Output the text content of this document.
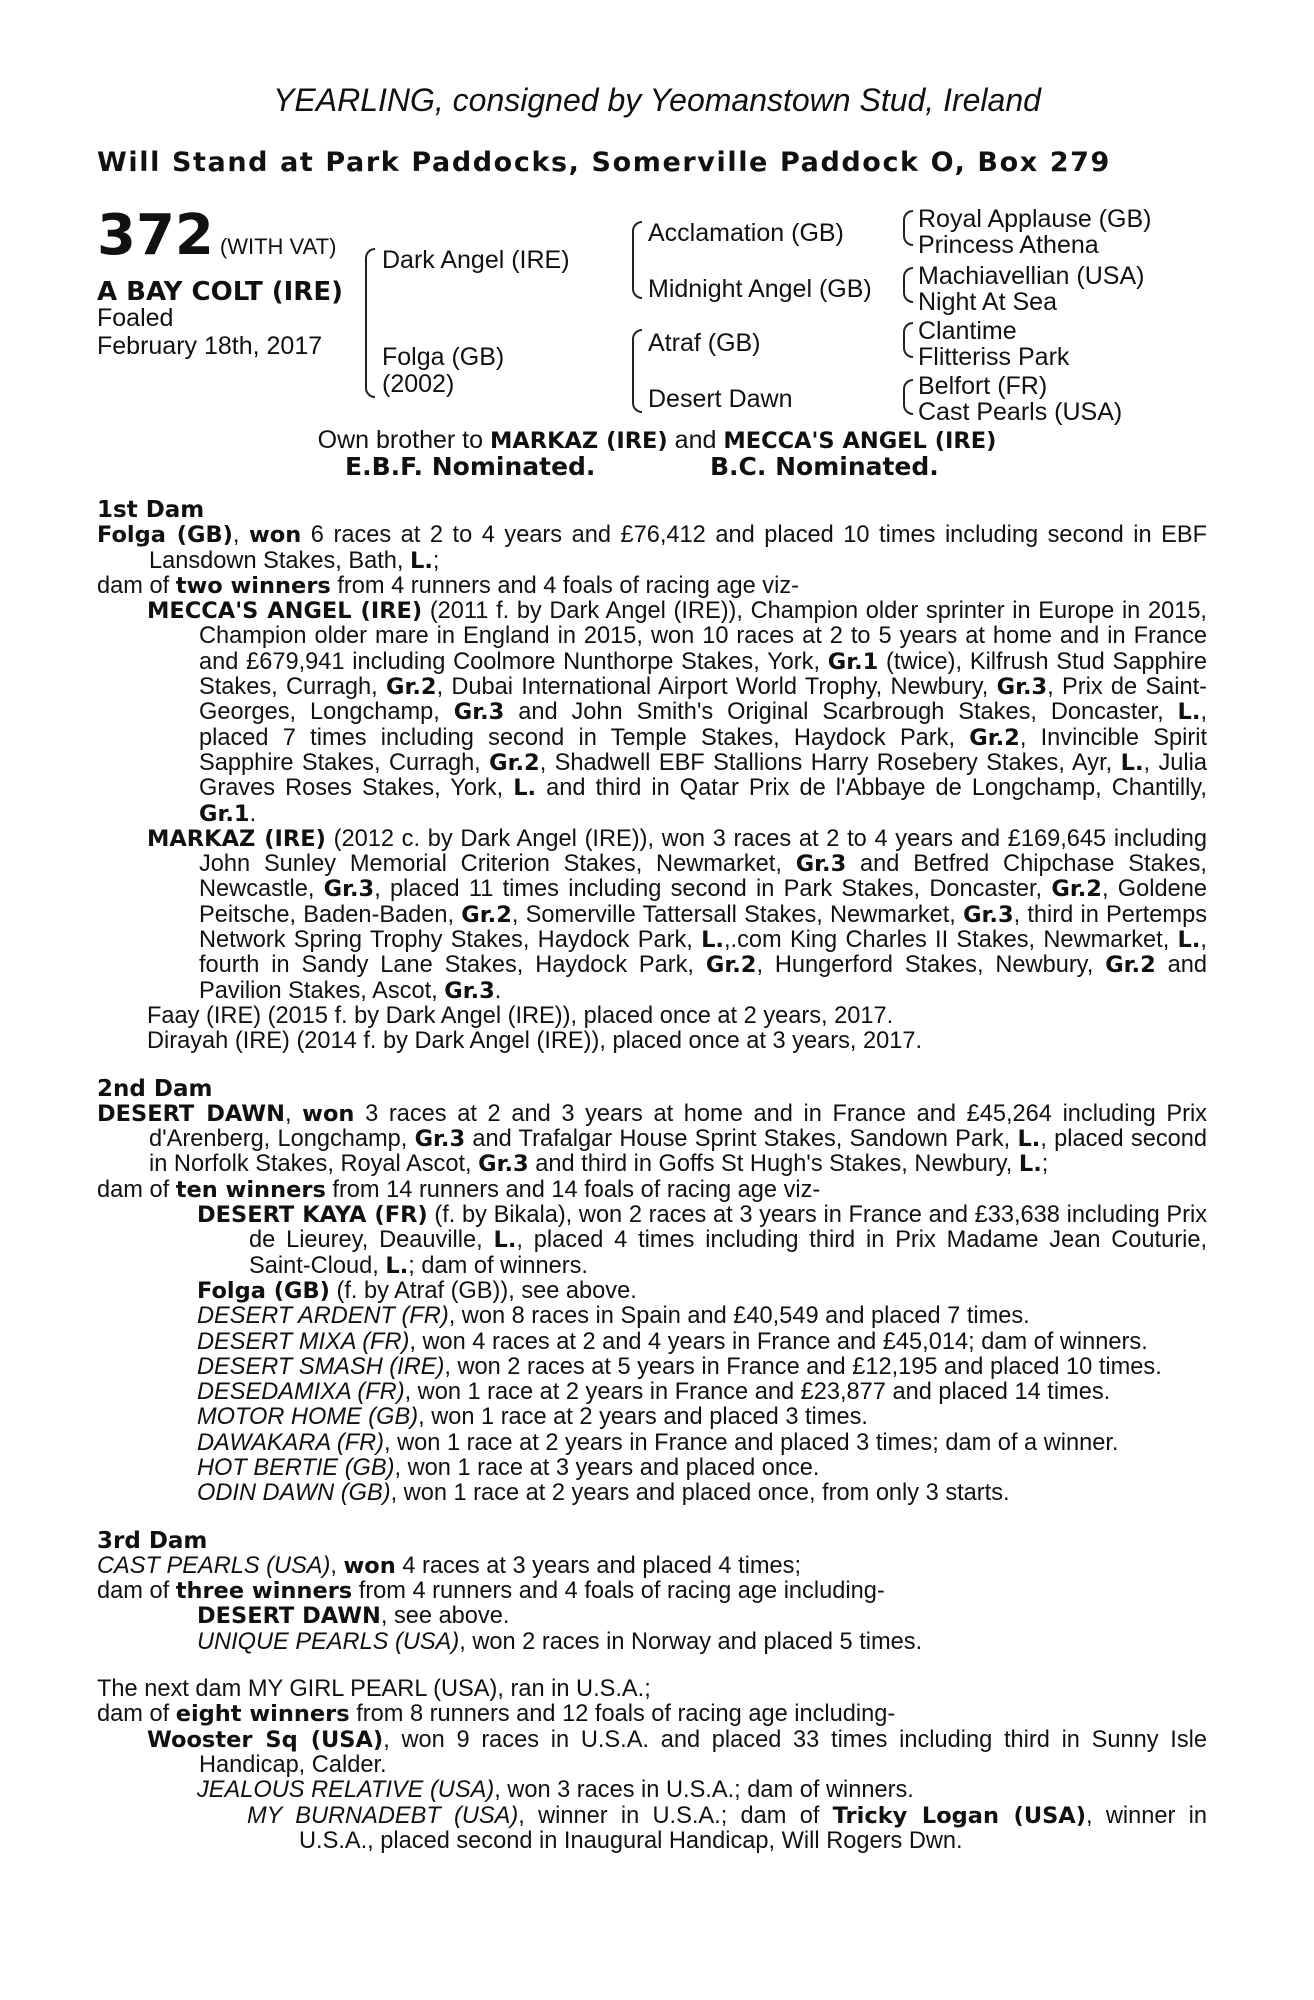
YEARLING, consigned by Yeomanstown Stud, Ireland
Will Stand at Park Paddocks, Somerville Paddock O, Box 279
372 (WITH VAT)
A BAY COLT (IRE)
Foaled
February 18th, 2017
Dark Angel (IRE)
Folga (GB)
(2002)
Acclamation (GB)
Midnight Angel (GB)
Atraf (GB)
Desert Dawn
Royal Applause (GB)
Princess Athena
Machiavellian (USA)
Night At Sea
Clantime
Flitteriss Park
Belfort (FR)
Cast Pearls (USA)
Own brother to MARKAZ (IRE) and MECCA'S ANGEL (IRE)
E.B.F. Nominated.	B.C. Nominated.
1st Dam
Folga (GB), won 6 races at 2 to 4 years and £76,412 and placed 10 times including second in EBF Lansdown Stakes, Bath, L.;
dam of two winners from 4 runners and 4 foals of racing age viz-
MECCA'S ANGEL (IRE) (2011 f. by Dark Angel (IRE)), Champion older sprinter in Europe in 2015, Champion older mare in England in 2015, won 10 races at 2 to 5 years at home and in France and £679,941 including Coolmore Nunthorpe Stakes, York, Gr.1 (twice), Kilfrush Stud Sapphire Stakes, Curragh, Gr.2, Dubai International Airport World Trophy, Newbury, Gr.3, Prix de Saint-Georges, Longchamp, Gr.3 and John Smith's Original Scarbrough Stakes, Doncaster, L., placed 7 times including second in Temple Stakes, Haydock Park, Gr.2, Invincible Spirit Sapphire Stakes, Curragh, Gr.2, Shadwell EBF Stallions Harry Rosebery Stakes, Ayr, L., Julia Graves Roses Stakes, York, L. and third in Qatar Prix de l'Abbaye de Longchamp, Chantilly, Gr.1.
MARKAZ (IRE) (2012 c. by Dark Angel (IRE)), won 3 races at 2 to 4 years and £169,645 including John Sunley Memorial Criterion Stakes, Newmarket, Gr.3 and Betfred Chipchase Stakes, Newcastle, Gr.3, placed 11 times including second in Park Stakes, Doncaster, Gr.2, Goldene Peitsche, Baden-Baden, Gr.2, Somerville Tattersall Stakes, Newmarket, Gr.3, third in Pertemps Network Spring Trophy Stakes, Haydock Park, L.,.com King Charles II Stakes, Newmarket, L., fourth in Sandy Lane Stakes, Haydock Park, Gr.2, Hungerford Stakes, Newbury, Gr.2 and Pavilion Stakes, Ascot, Gr.3.
Faay (IRE) (2015 f. by Dark Angel (IRE)), placed once at 2 years, 2017.
Dirayah (IRE) (2014 f. by Dark Angel (IRE)), placed once at 3 years, 2017.
2nd Dam
DESERT DAWN, won 3 races at 2 and 3 years at home and in France and £45,264 including Prix d'Arenberg, Longchamp, Gr.3 and Trafalgar House Sprint Stakes, Sandown Park, L., placed second in Norfolk Stakes, Royal Ascot, Gr.3 and third in Goffs St Hugh's Stakes, Newbury, L.;
dam of ten winners from 14 runners and 14 foals of racing age viz-
DESERT KAYA (FR) (f. by Bikala), won 2 races at 3 years in France and £33,638 including Prix de Lieurey, Deauville, L., placed 4 times including third in Prix Madame Jean Couturie, Saint-Cloud, L.; dam of winners.
Folga (GB) (f. by Atraf (GB)), see above.
DESERT ARDENT (FR), won 8 races in Spain and £40,549 and placed 7 times.
DESERT MIXA (FR), won 4 races at 2 and 4 years in France and £45,014; dam of winners.
DESERT SMASH (IRE), won 2 races at 5 years in France and £12,195 and placed 10 times.
DESEDAMIXA (FR), won 1 race at 2 years in France and £23,877 and placed 14 times.
MOTOR HOME (GB), won 1 race at 2 years and placed 3 times.
DAWAKARA (FR), won 1 race at 2 years in France and placed 3 times; dam of a winner.
HOT BERTIE (GB), won 1 race at 3 years and placed once.
ODIN DAWN (GB), won 1 race at 2 years and placed once, from only 3 starts.
3rd Dam
CAST PEARLS (USA), won 4 races at 3 years and placed 4 times;
dam of three winners from 4 runners and 4 foals of racing age including-
DESERT DAWN, see above.
UNIQUE PEARLS (USA), won 2 races in Norway and placed 5 times.
The next dam MY GIRL PEARL (USA), ran in U.S.A.;
dam of eight winners from 8 runners and 12 foals of racing age including-
Wooster Sq (USA), won 9 races in U.S.A. and placed 33 times including third in Sunny Isle Handicap, Calder.
JEALOUS RELATIVE (USA), won 3 races in U.S.A.; dam of winners.
MY BURNADEBT (USA), winner in U.S.A.; dam of Tricky Logan (USA), winner in U.S.A., placed second in Inaugural Handicap, Will Rogers Dwn.
